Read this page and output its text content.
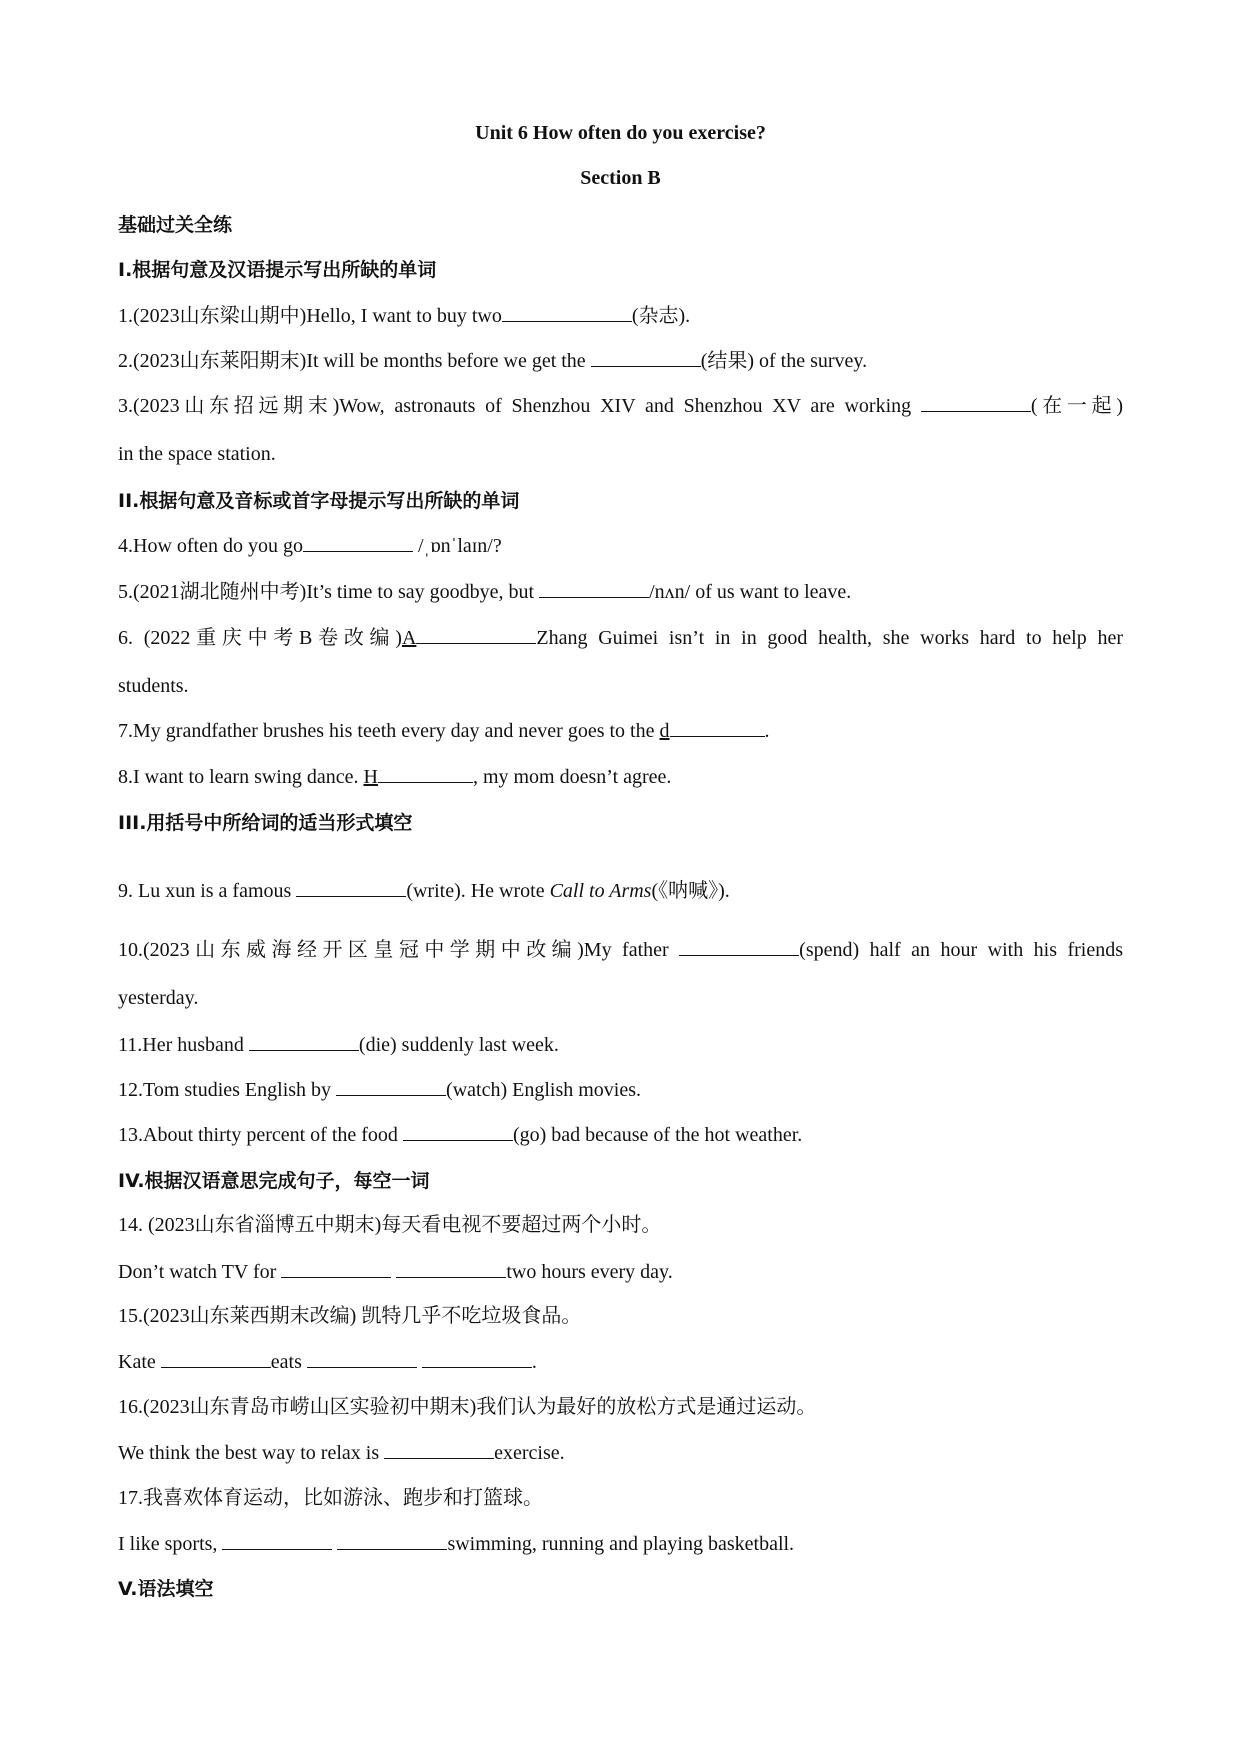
Unit 6 How often do you exercise?
Section B
基础过关全练
I.根据句意及汉语提示写出所缺的单词
1.(2023山东梁山期中)Hello, I want to buy two	(杂志).
2.(2023山东莱阳期末)It will be months before we get the	(结果) of the survey.
3.(2023山东招远期末)Wow, astronauts of Shenzhou XIV and Shenzhou XV are working	(在一起)
in the space station.
II.根据句意及音标或首字母提示写出所缺的单词
4.How often do you go	/ˌɒnˈlaɪn/?
5.(2021湖北随州中考)It’s time to say goodbye, but	/nʌn/ of us want to leave.
6. (2022重庆中考B卷改编)A	Zhang Guimei isn’t in in good health, she works hard to help her
students.
7.My grandfather brushes his teeth every day and never goes to the d	.
8.I want to learn swing dance. H	, my mom doesn’t agree.
III.用括号中所给词的适当形式填空
9. Lu xun is a famous	(write). He wrote Call to Arms(《呐喊》).
10.(2023山东威海经开区皇冠中学期中改编)My father	(spend) half an hour with his friends
yesterday.
11.Her husband	(die) suddenly last week.
12.Tom studies English by	(watch) English movies.
13.About thirty percent of the food	(go) bad because of the hot weather.
IV.根据汉语意思完成句子，每空一词
14. (2023山东省淄博五中期末)每天看电视不要超过两个小时。
Don’t watch TV for	two hours every day.
15.(2023山东莱西期末改编) 凯特几乎不吃垃圾食品。
Kate	eats	.
16.(2023山东青岛市崂山区实验初中期末)我们认为最好的放松方式是通过运动。
We think the best way to relax is	exercise.
17.我喜欢体育运动，比如游泳、跑步和打篮球。
I like sports,	swimming, running and playing basketball.
V.语法填空
